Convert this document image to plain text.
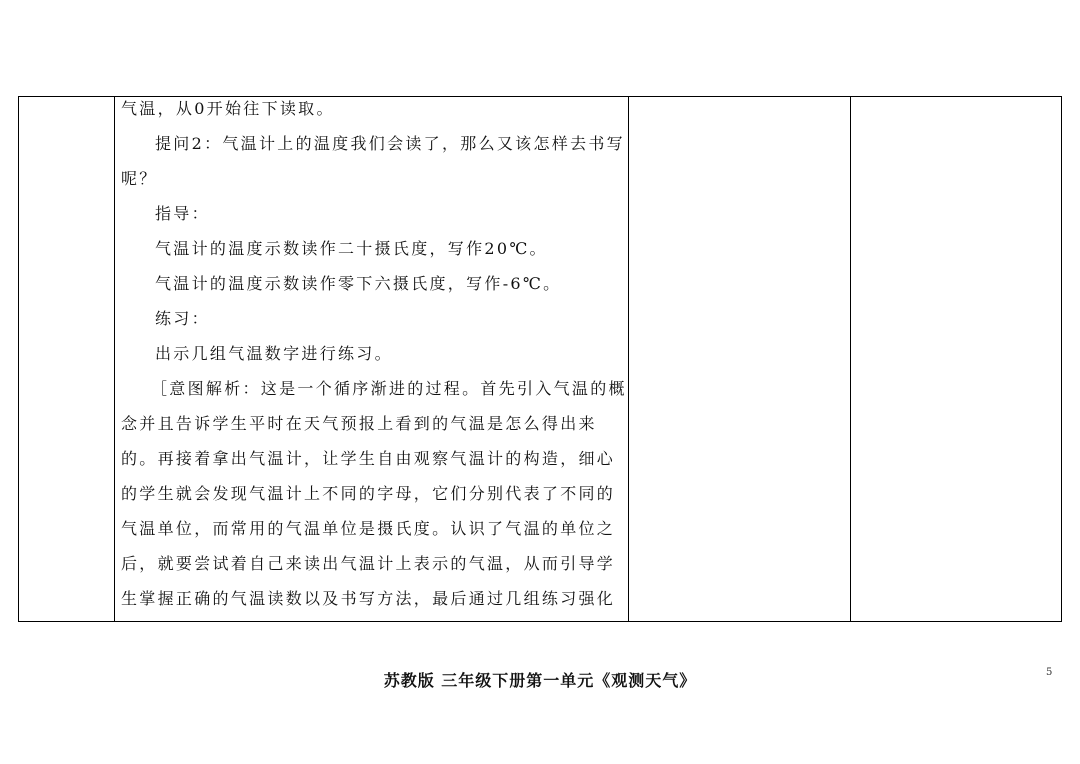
气温，从0开始往下读取。
提问2：气温计上的温度我们会读了，那么又该怎样去书写
呢？
指导：
气温计的温度示数读作二十摄氏度，写作20℃。
气温计的温度示数读作零下六摄氏度，写作-6℃。
练习：
出示几组气温数字进行练习。
［意图解析：这是一个循序渐进的过程。首先引入气温的概
念并且告诉学生平时在天气预报上看到的气温是怎么得出来
的。再接着拿出气温计，让学生自由观察气温计的构造，细心
的学生就会发现气温计上不同的字母，它们分别代表了不同的
气温单位，而常用的气温单位是摄氏度。认识了气温的单位之
后，就要尝试着自己来读出气温计上表示的气温，从而引导学
生掌握正确的气温读数以及书写方法，最后通过几组练习强化
苏教版 三年级下册第一单元《观测天气》	5
